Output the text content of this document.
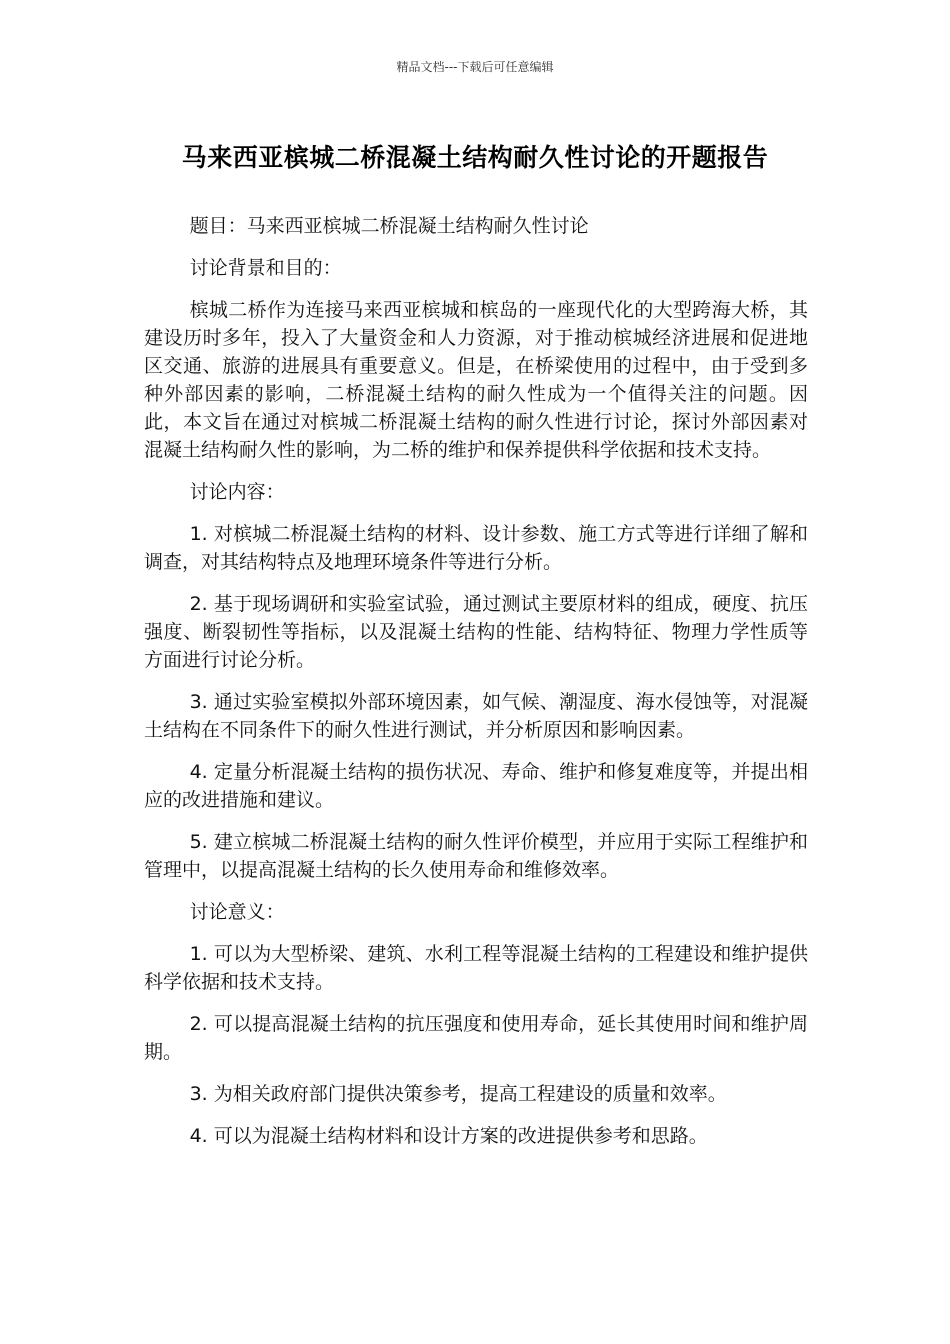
精品文档---下载后可任意编辑
马来西亚槟城二桥混凝土结构耐久性讨论的开题报告

题目：马来西亚槟城二桥混凝土结构耐久性讨论

讨论背景和目的：

槟城二桥作为连接马来西亚槟城和槟岛的一座现代化的大型跨海大桥，其建设历时多年，投入了大量资金和人力资源，对于推动槟城经济进展和促进地区交通、旅游的进展具有重要意义。但是，在桥梁使用的过程中，由于受到多种外部因素的影响，二桥混凝土结构的耐久性成为一个值得关注的问题。因此，本文旨在通过对槟城二桥混凝土结构的耐久性进行讨论，探讨外部因素对混凝土结构耐久性的影响，为二桥的维护和保养提供科学依据和技术支持。

讨论内容：

1. 对槟城二桥混凝土结构的材料、设计参数、施工方式等进行详细了解和调查，对其结构特点及地理环境条件等进行分析。

2. 基于现场调研和实验室试验，通过测试主要原材料的组成，硬度、抗压强度、断裂韧性等指标，以及混凝土结构的性能、结构特征、物理力学性质等方面进行讨论分析。

3. 通过实验室模拟外部环境因素，如气候、潮湿度、海水侵蚀等，对混凝土结构在不同条件下的耐久性进行测试，并分析原因和影响因素。

4. 定量分析混凝土结构的损伤状况、寿命、维护和修复难度等，并提出相应的改进措施和建议。

5. 建立槟城二桥混凝土结构的耐久性评价模型，并应用于实际工程维护和管理中，以提高混凝土结构的长久使用寿命和维修效率。

讨论意义：

1. 可以为大型桥梁、建筑、水利工程等混凝土结构的工程建设和维护提供科学依据和技术支持。

2. 可以提高混凝土结构的抗压强度和使用寿命，延长其使用时间和维护周期。

3. 为相关政府部门提供决策参考，提高工程建设的质量和效率。

4. 可以为混凝土结构材料和设计方案的改进提供参考和思路。
